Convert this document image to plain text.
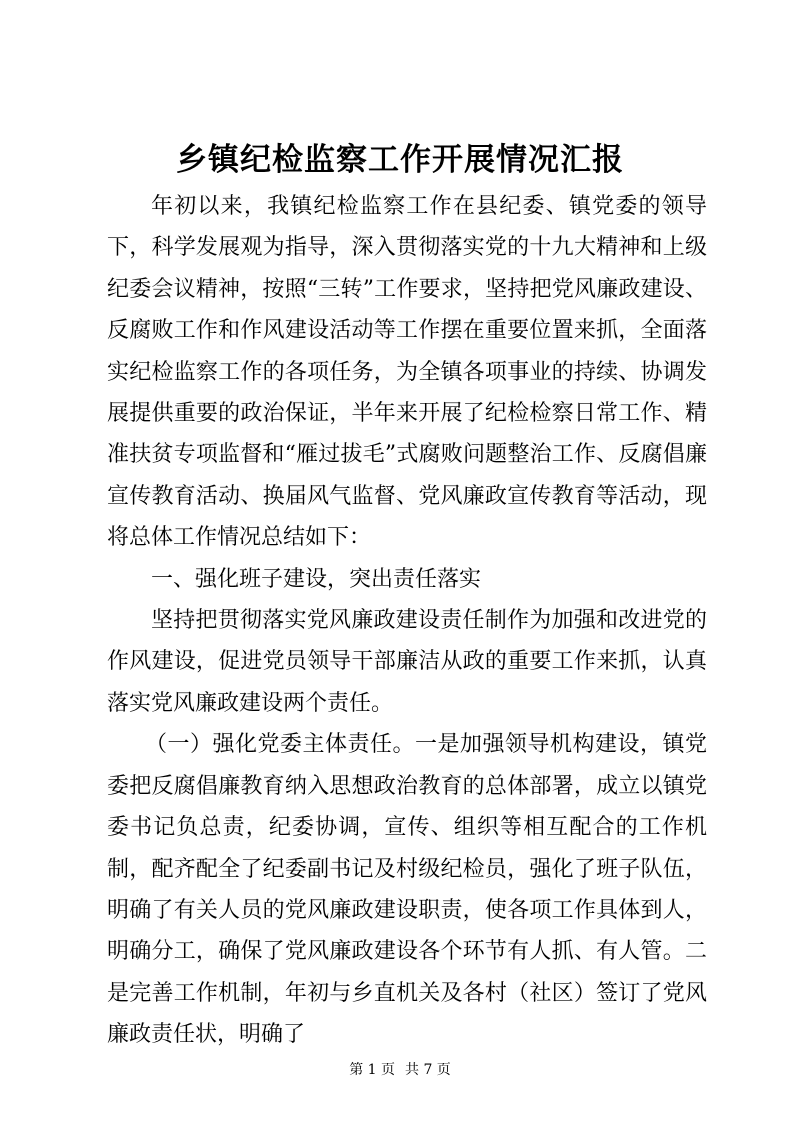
乡镇纪检监察工作开展情况汇报

年初以来，我镇纪检监察工作在县纪委、镇党委的领导下，科学发展观为指导，深入贯彻落实党的十九大精神和上级纪委会议精神，按照“三转”工作要求，坚持把党风廉政建设、反腐败工作和作风建设活动等工作摆在重要位置来抓，全面落实纪检监察工作的各项任务，为全镇各项事业的持续、协调发展提供重要的政治保证，半年来开展了纪检检察日常工作、精准扶贫专项监督和“雁过拔毛”式腐败问题整治工作、反腐倡廉宣传教育活动、换届风气监督、党风廉政宣传教育等活动，现将总体工作情况总结如下：

一、强化班子建设，突出责任落实

坚持把贯彻落实党风廉政建设责任制作为加强和改进党的作风建设，促进党员领导干部廉洁从政的重要工作来抓，认真落实党风廉政建设两个责任。

（一）强化党委主体责任。一是加强领导机构建设，镇党委把反腐倡廉教育纳入思想政治教育的总体部署，成立以镇党委书记负总责，纪委协调，宣传、组织等相互配合的工作机制，配齐配全了纪委副书记及村级纪检员，强化了班子队伍，明确了有关人员的党风廉政建设职责，使各项工作具体到人，明确分工，确保了党风廉政建设各个环节有人抓、有人管。二是完善工作机制，年初与乡直机关及各村（社区）签订了党风廉政责任状，明确了

第 1 页 共 7 页
